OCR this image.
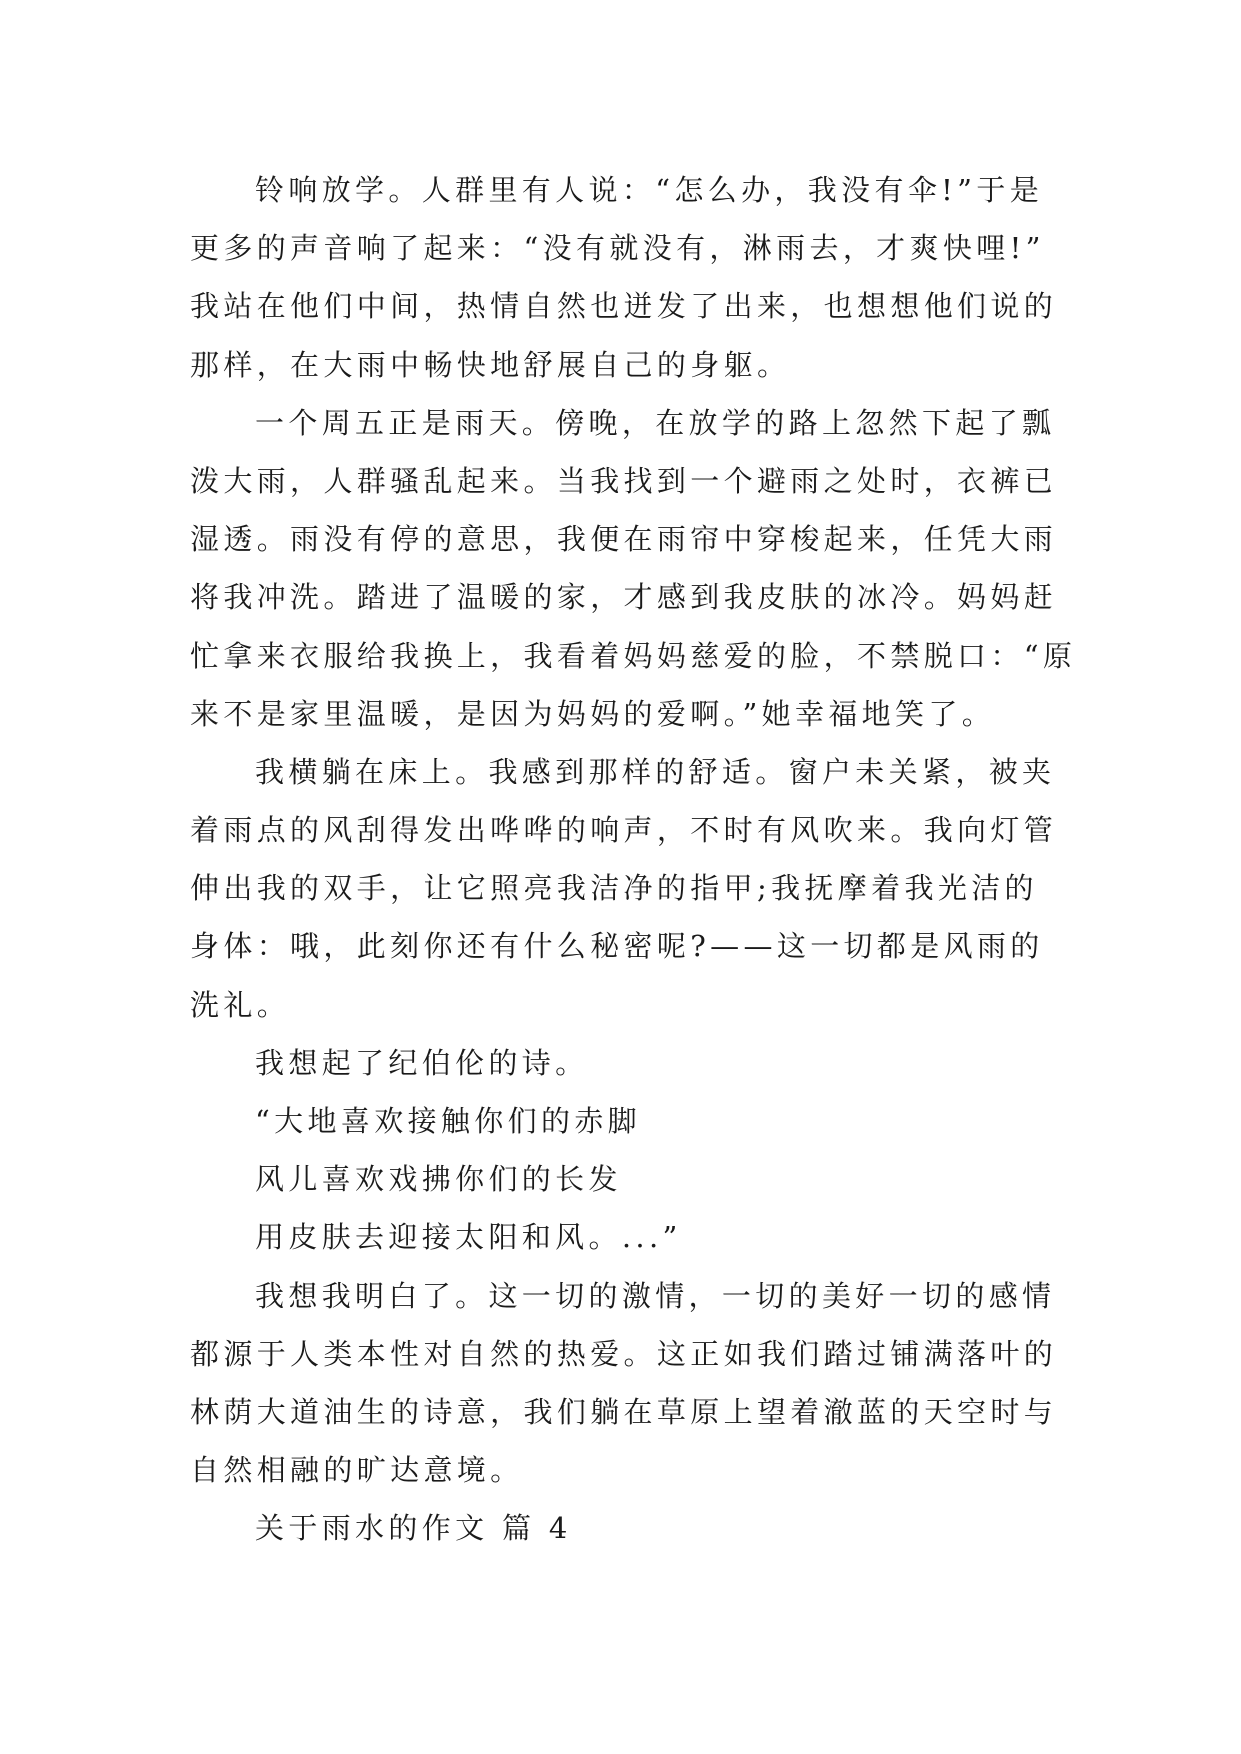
铃响放学。人群里有人说：“怎么办，我没有伞!”于是
更多的声音响了起来：“没有就没有，淋雨去，才爽快哩!”
我站在他们中间，热情自然也迸发了出来，也想想他们说的
那样，在大雨中畅快地舒展自己的身躯。
一个周五正是雨天。傍晚，在放学的路上忽然下起了瓢
泼大雨，人群骚乱起来。当我找到一个避雨之处时，衣裤已
湿透。雨没有停的意思，我便在雨帘中穿梭起来，任凭大雨
将我冲洗。踏进了温暖的家，才感到我皮肤的冰冷。妈妈赶
忙拿来衣服给我换上，我看着妈妈慈爱的脸，不禁脱口：“原
来不是家里温暖，是因为妈妈的爱啊。”她幸福地笑了。
我横躺在床上。我感到那样的舒适。窗户未关紧，被夹
着雨点的风刮得发出哗哗的响声，不时有风吹来。我向灯管
伸出我的双手，让它照亮我洁净的指甲;我抚摩着我光洁的
身体：哦，此刻你还有什么秘密呢?——这一切都是风雨的
洗礼。
我想起了纪伯伦的诗。
“大地喜欢接触你们的赤脚
风儿喜欢戏拂你们的长发
用皮肤去迎接太阳和风。...”
我想我明白了。这一切的激情，一切的美好一切的感情
都源于人类本性对自然的热爱。这正如我们踏过铺满落叶的
林荫大道油生的诗意，我们躺在草原上望着澈蓝的天空时与
自然相融的旷达意境。
关于雨水的作文 篇 4
